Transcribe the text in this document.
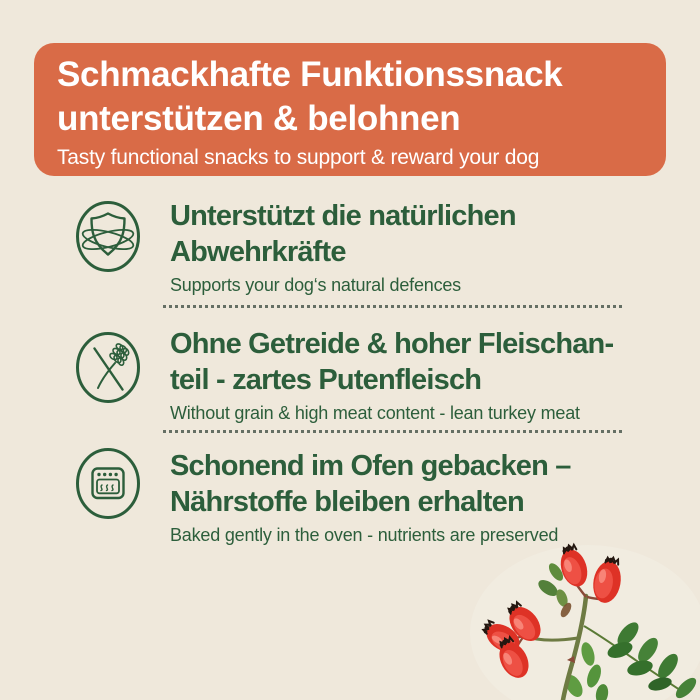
Schmackhafte Funktionssnack
unterstützen & belohnen
Tasty functional snacks to support & reward your dog
Unterstützt die natürlichen
Abwehrkräfte
Supports your dog‘s natural defences
Ohne Getreide & hoher Fleischan-
teil - zartes Putenfleisch
Without grain & high meat content - lean turkey meat
Schonend im Ofen gebacken –
Nährstoffe bleiben erhalten
Baked gently in the oven - nutrients are preserved
